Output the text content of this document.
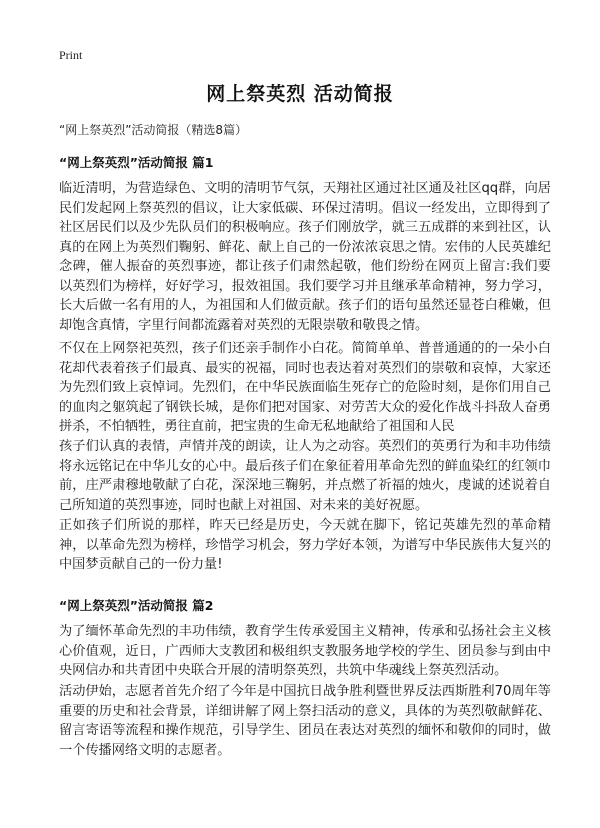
Print
网上祭英烈 活动简报

“网上祭英烈”活动简报（精选8篇）

“网上祭英烈”活动简报 篇1

临近清明，为营造绿色、文明的清明节气氛，天翔社区通过社区通及社区qq群，向居民们发起网上祭英烈的倡议，让大家低碳、环保过清明。倡议一经发出，立即得到了社区居民们以及少先队员们的积极响应。孩子们刚放学，就三五成群的来到社区，认真的在网上为英烈们鞠躬、鲜花、献上自己的一份浓浓哀思之情。宏伟的人民英雄纪念碑，催人振奋的英烈事迹，都让孩子们肃然起敬，他们纷纷在网页上留言:我们要以英烈们为榜样，好好学习，报效祖国。我们要学习并且继承革命精神，努力学习，长大后做一名有用的人，为祖国和人们做贡献。孩子们的语句虽然还显苍白稚嫩，但却饱含真情，字里行间都流露着对英烈的无限崇敬和敬畏之情。

不仅在上网祭祀英烈，孩子们还亲手制作小白花。简简单单、普普通通的的一朵小白花却代表着孩子们最真、最实的祝福，同时也表达着对英烈们的崇敬和哀悼，大家还为先烈们致上哀悼词。先烈们，在中华民族面临生死存亡的危险时刻，是你们用自己的血肉之躯筑起了钢铁长城，是你们把对国家、对劳苦大众的爱化作战斗抖敌人奋勇拼杀，不怕牺牲，勇往直前，把宝贵的生命无私地献给了祖国和人民

孩子们认真的表情，声情并茂的朗读，让人为之动容。英烈们的英勇行为和丰功伟绩将永远铭记在中华儿女的心中。最后孩子们在象征着用革命先烈的鲜血染红的红领巾前，庄严肃穆地敬献了白花，深深地三鞠躬，并点燃了祈福的烛火，虔诚的述说着自己所知道的英烈事迹，同时也献上对祖国、对未来的美好祝愿。

正如孩子们所说的那样，昨天已经是历史，今天就在脚下，铭记英雄先烈的革命精神，以革命先烈为榜样，珍惜学习机会，努力学好本领，为谱写中华民族伟大复兴的中国梦贡献自己的一份力量!

“网上祭英烈”活动简报 篇2

为了缅怀革命先烈的丰功伟绩，教育学生传承爱国主义精神，传承和弘扬社会主义核心价值观，近日，广西师大支教团和极组织支教服务地学校的学生、团员参与到由中央网信办和共青团中央联合开展的清明祭英烈，共筑中华魂线上祭英烈活动。

活动伊始，志愿者首先介绍了今年是中国抗日战争胜利暨世界反法西斯胜利70周年等重要的历史和社会背景，详细讲解了网上祭扫活动的意义，具体的为英烈敬献鲜花、留言寄语等流程和操作规范，引导学生、团员在表达对英烈的缅怀和敬仰的同时，做一个传播网络文明的志愿者。
